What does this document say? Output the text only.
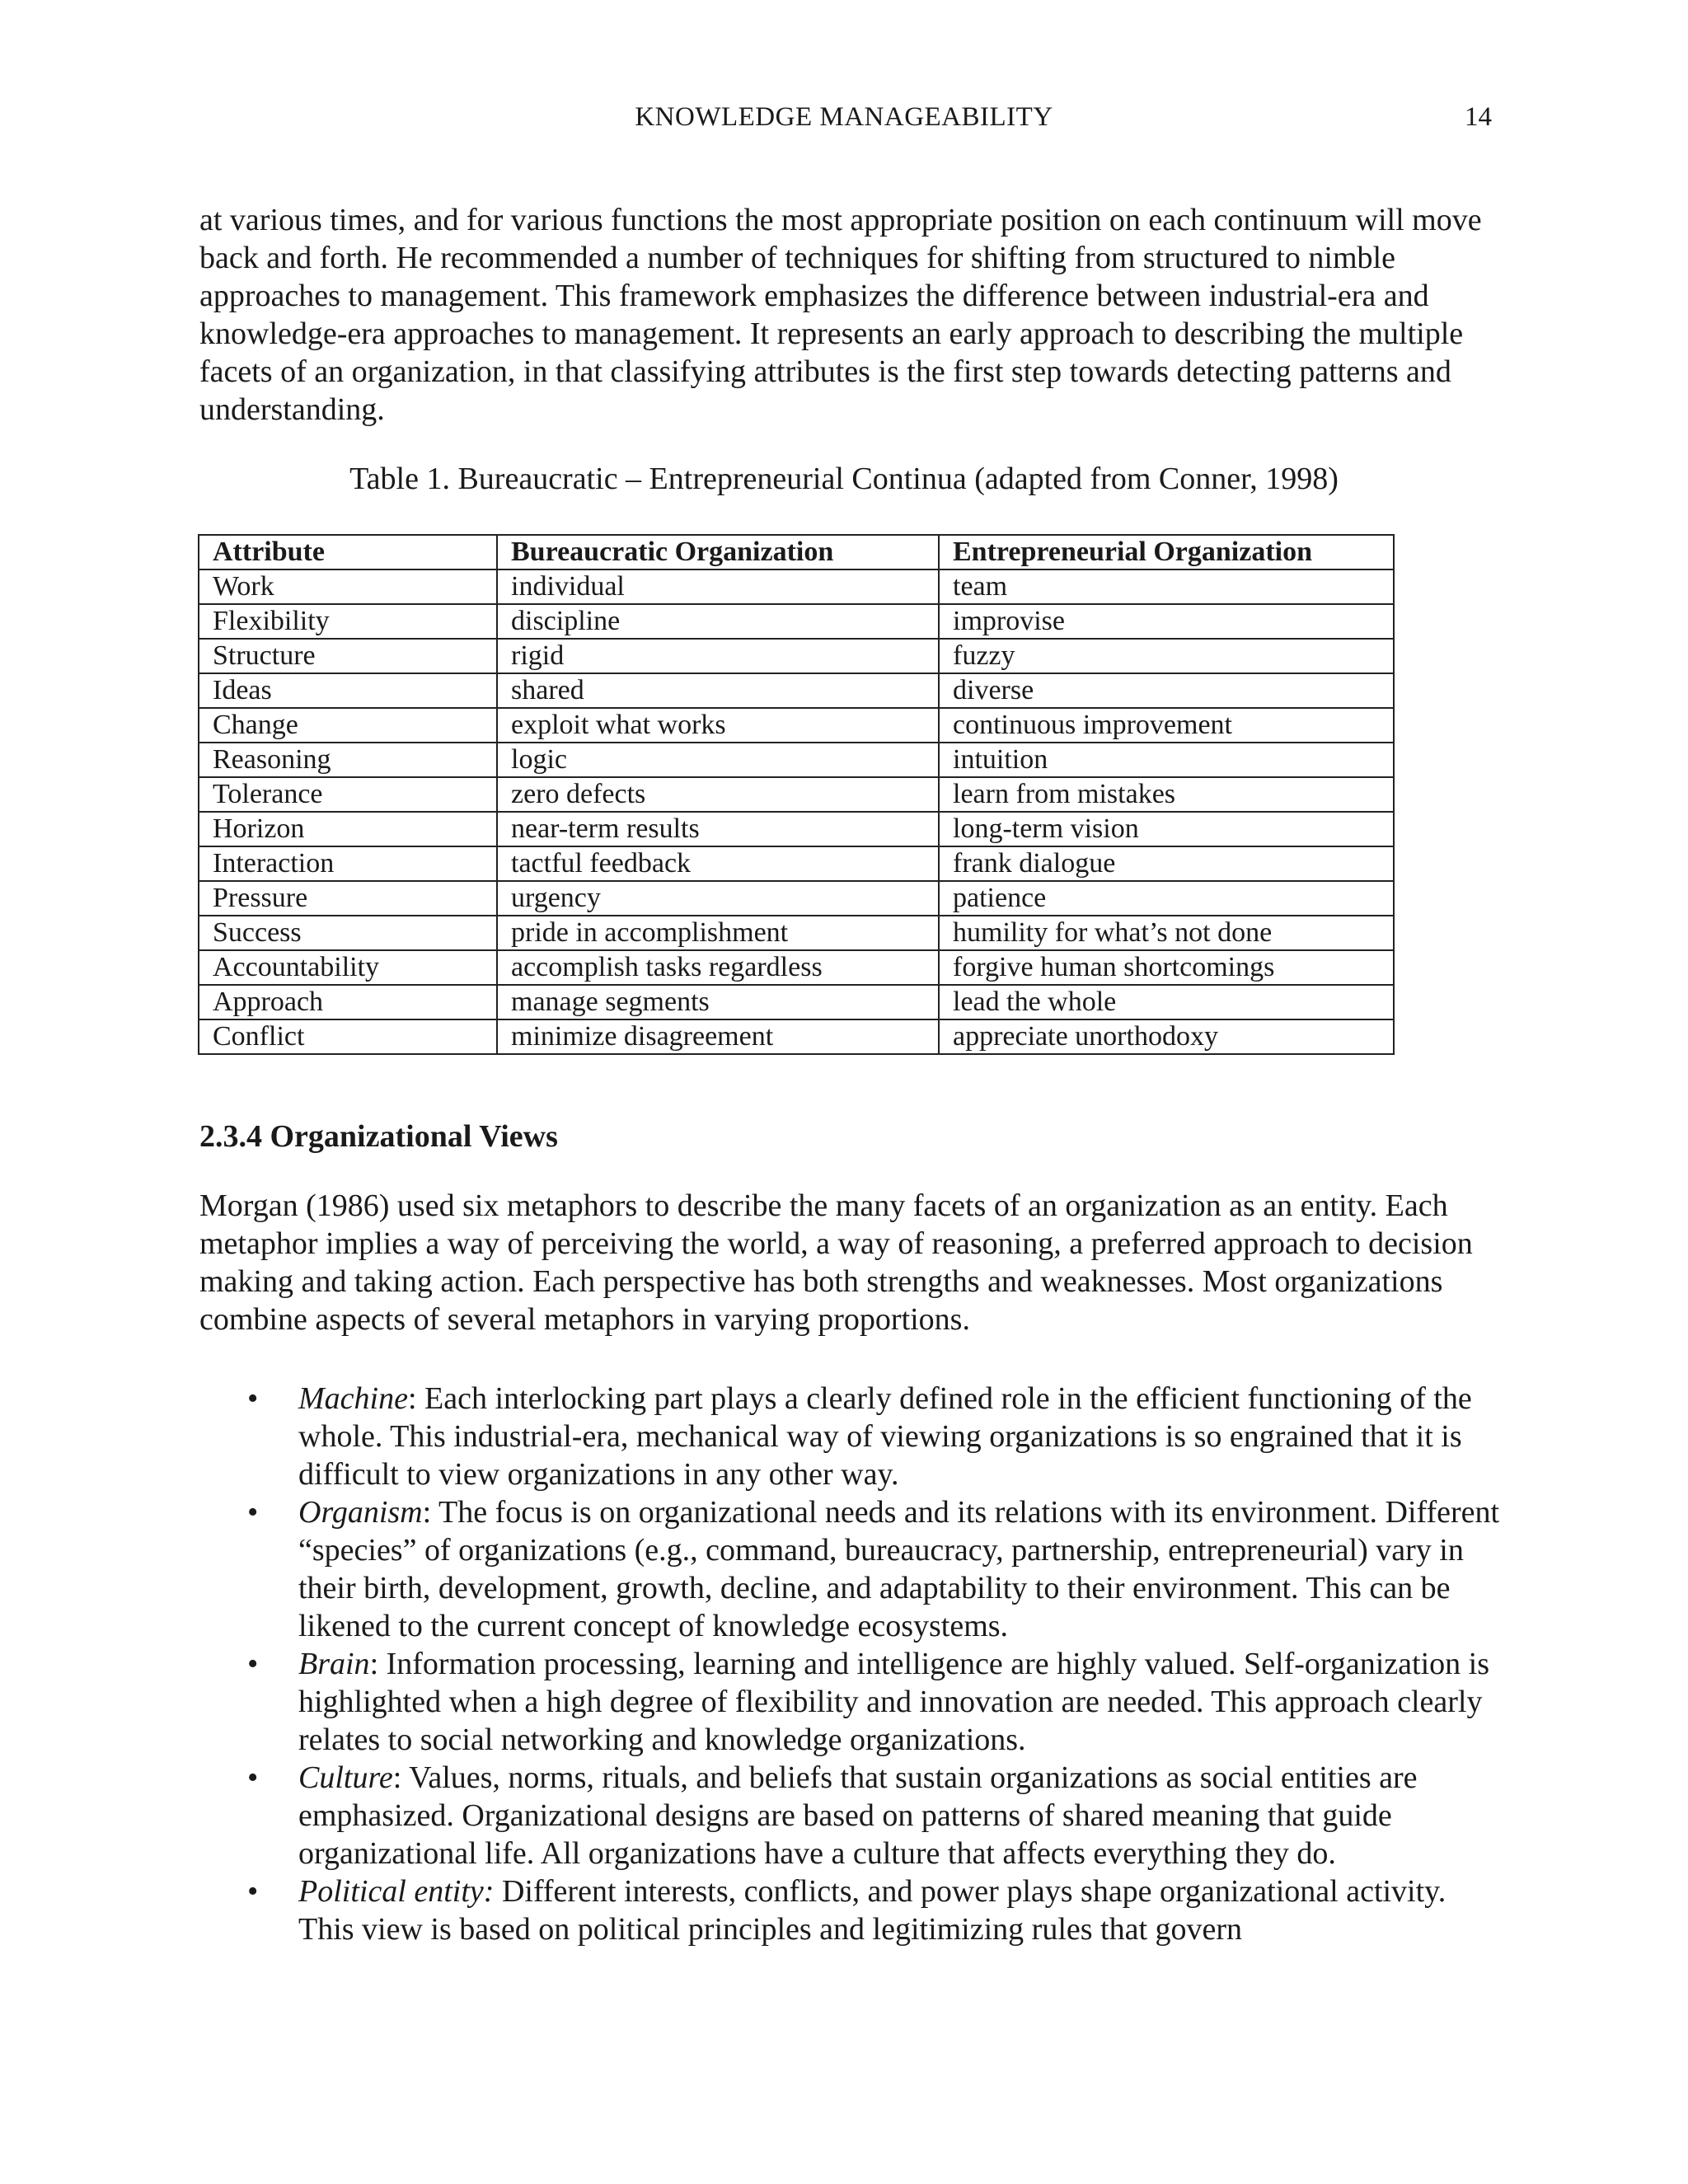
KNOWLEDGE MANAGEABILITY	14

at various times, and for various functions the most appropriate position on each continuum will move back and forth. He recommended a number of techniques for shifting from structured to nimble approaches to management. This framework emphasizes the difference between industrial-era and knowledge-era approaches to management. It represents an early approach to describing the multiple facets of an organization, in that classifying attributes is the first step towards detecting patterns and understanding.

Table 1. Bureaucratic – Entrepreneurial Continua (adapted from Conner, 1998)
Attribute	Bureaucratic Organization	Entrepreneurial Organization
Work	individual	team
Flexibility	discipline	improvise
Structure	rigid	fuzzy
Ideas	shared	diverse
Change	exploit what works	continuous improvement
Reasoning	logic	intuition
Tolerance	zero defects	learn from mistakes
Horizon	near-term results	long-term vision
Interaction	tactful feedback	frank dialogue
Pressure	urgency	patience
Success	pride in accomplishment	humility for what’s not done
Accountability	accomplish tasks regardless	forgive human shortcomings
Approach	manage segments	lead the whole
Conflict	minimize disagreement	appreciate unorthodoxy
2.3.4 Organizational Views

Morgan (1986) used six metaphors to describe the many facets of an organization as an entity. Each metaphor implies a way of perceiving the world, a way of reasoning, a preferred approach to decision making and taking action. Each perspective has both strengths and weaknesses. Most organizations combine aspects of several metaphors in varying proportions.

• Machine: Each interlocking part plays a clearly defined role in the efficient functioning of the whole. This industrial-era, mechanical way of viewing organizations is so engrained that it is difficult to view organizations in any other way.
• Organism: The focus is on organizational needs and its relations with its environment. Different “species” of organizations (e.g., command, bureaucracy, partnership, entrepreneurial) vary in their birth, development, growth, decline, and adaptability to their environment. This can be likened to the current concept of knowledge ecosystems.
• Brain: Information processing, learning and intelligence are highly valued. Self-organization is highlighted when a high degree of flexibility and innovation are needed. This approach clearly relates to social networking and knowledge organizations.
• Culture: Values, norms, rituals, and beliefs that sustain organizations as social entities are emphasized. Organizational designs are based on patterns of shared meaning that guide organizational life. All organizations have a culture that affects everything they do.
• Political entity: Different interests, conflicts, and power plays shape organizational activity. This view is based on political principles and legitimizing rules that govern
